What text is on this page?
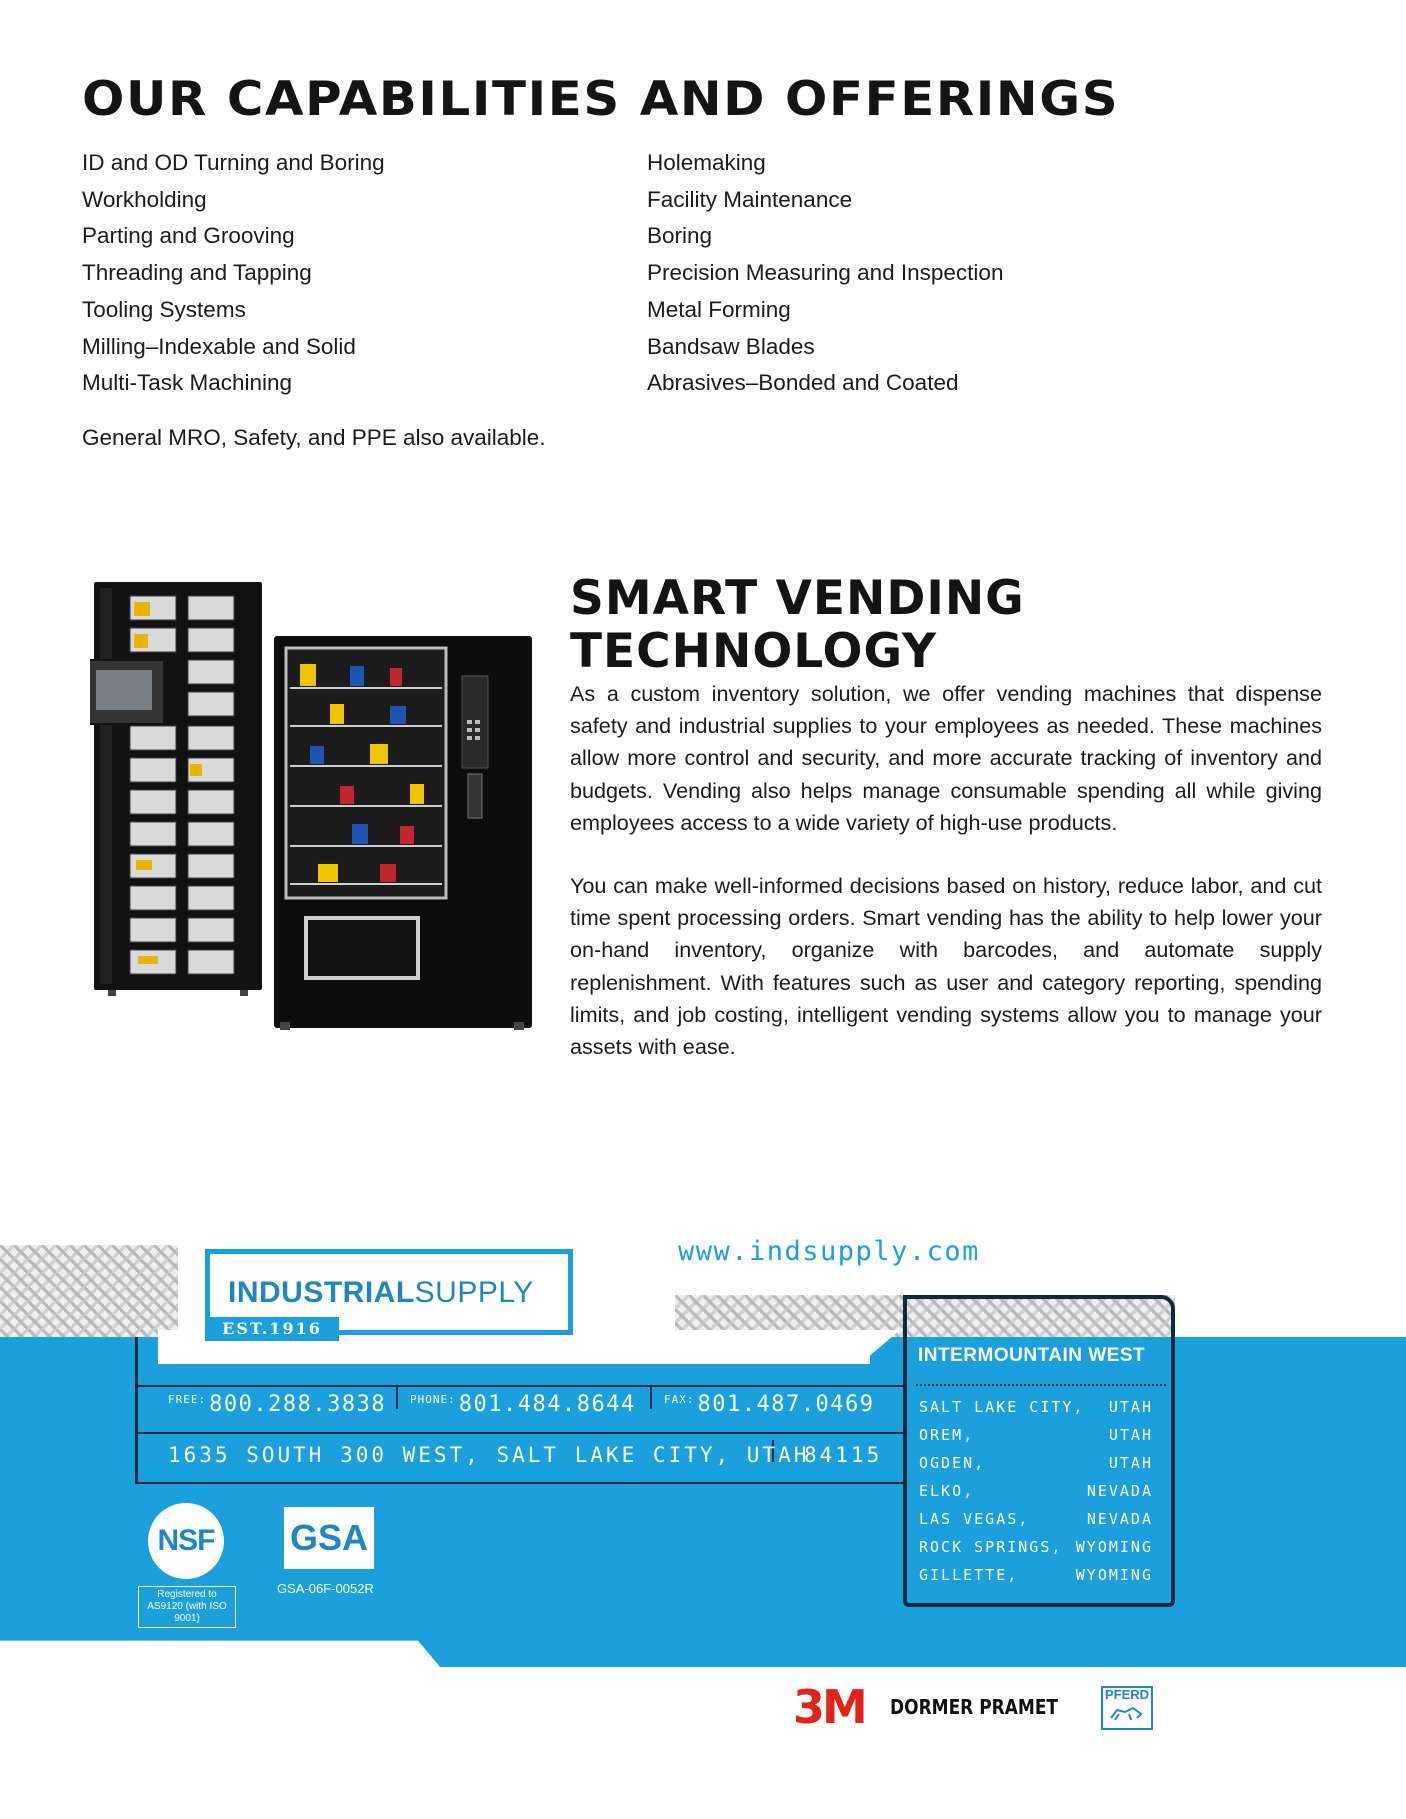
OUR CAPABILITIES AND OFFERINGS
ID and OD Turning and Boring
Workholding
Parting and Grooving
Threading and Tapping
Tooling Systems
Milling–Indexable and Solid
Multi-Task Machining
Holemaking
Facility Maintenance
Boring
Precision Measuring and Inspection
Metal Forming
Bandsaw Blades
Abrasives–Bonded and Coated
General MRO, Safety, and PPE also available.
SMART VENDING
TECHNOLOGY

As a custom inventory solution, we offer vending machines that dispense safety and industrial supplies to your employees as needed. These machines allow more control and security, and more accurate tracking of inventory and budgets. Vending also helps manage consumable spending all while giving employees access to a wide variety of high-use products.

You can make well-informed decisions based on history, reduce labor, and cut time spent processing orders. Smart vending has the ability to help lower your on-hand inventory, organize with barcodes, and automate supply replenishment. With features such as user and category reporting, spending limits, and job costing, intelligent vending systems allow you to manage your assets with ease.

INDUSTRIALSUPPLY
EST.1916
www.indsupply.com
$^{FREE:}$ 800.288.3838 $^{PHONE:}$ 801.484.8644	$^{FAX:}$ 801.487.0469
1635 SOUTH 300 WEST, SALT LAKE CITY, UTAH
84115
INTERMOUNTAIN WEST
SALT LAKE CITY, UTAH
OREM,	UTAH
OGDEN,	UTAH
ELKO,	NEVADA
LAS VEGAS,	NEVADA
ROCK SPRINGS, WYOMING
GILLETTE,	WYOMING
NSF
Registered to AS9120 (with ISO 9001)
GSA
GSA-06F-0052R
3M DORMER PRAMET
PFERD
